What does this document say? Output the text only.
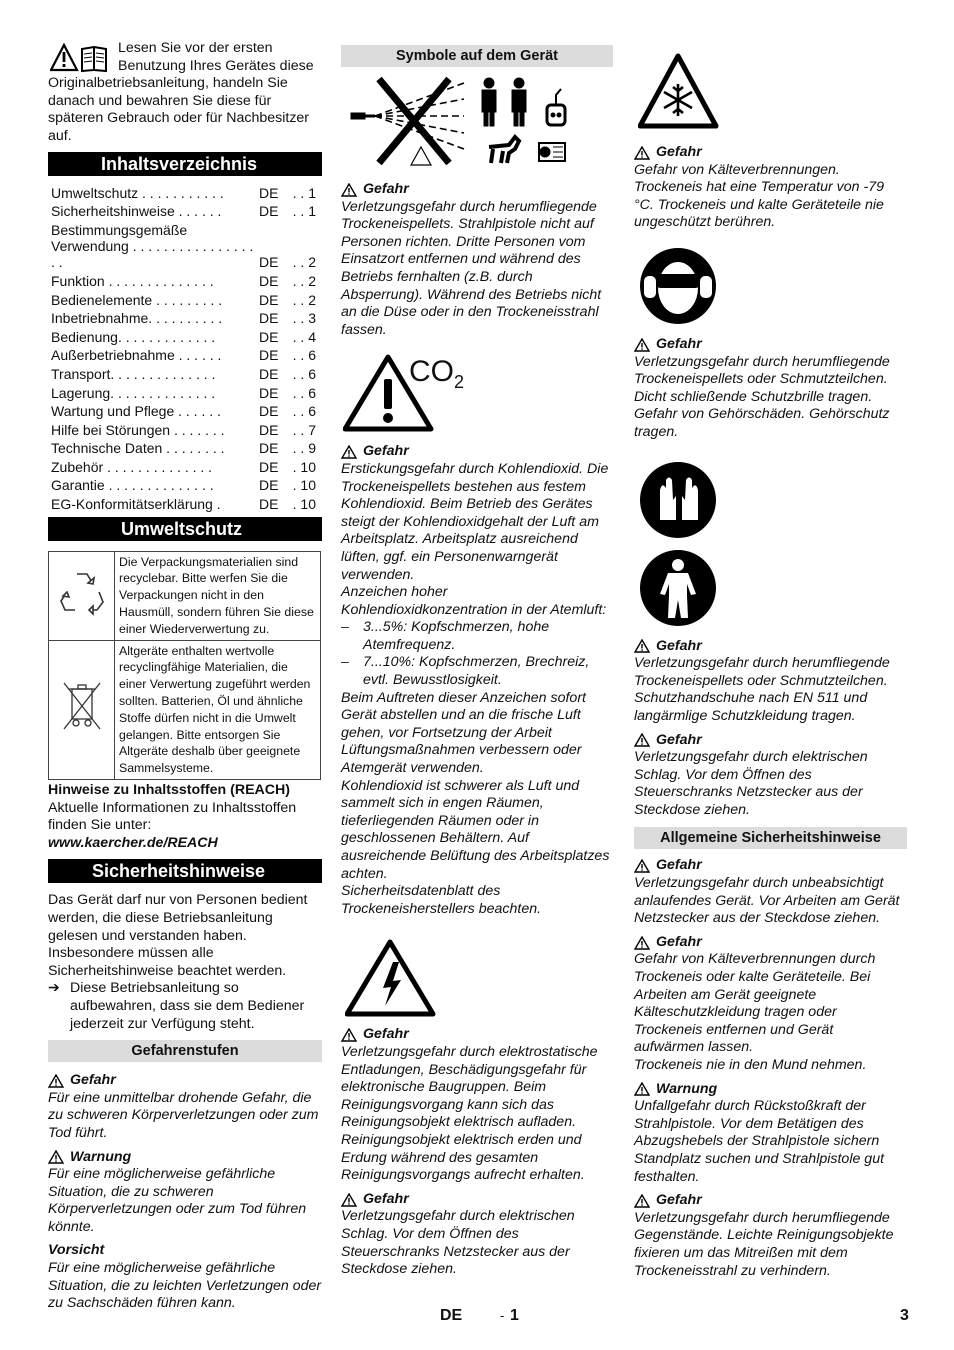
Lesen Sie vor der ersten Benutzung Ihres Gerätes diese Originalbetriebsanleitung, handeln Sie danach und bewahren Sie diese für späteren Gebrauch oder für Nachbesitzer auf.
Inhaltsverzeichnis
Umweltschutz . . . . . . . . . . .	DE	. . 1
Sicherheitshinweise . . . . . .	DE	. . 1
Bestimmungsgemäße Verwendung . . . . . . . . . . . . . . . . . .	DE	. . 2
Funktion . . . . . . . . . . . . . .	DE	. . 2
Bedienelemente . . . . . . . . .	DE	. . 2
Inbetriebnahme. . . . . . . . . .	DE	. . 3
Bedienung. . . . . . . . . . . . .	DE	. . 4
Außerbetriebnahme . . . . . .	DE	. . 6
Transport. . . . . . . . . . . . . .	DE	. . 6
Lagerung. . . . . . . . . . . . . .	DE	. . 6
Wartung und Pflege . . . . . .	DE	. . 6
Hilfe bei Störungen . . . . . . .	DE	. . 7
Technische Daten . . . . . . . .	DE	. . 9
Zubehör . . . . . . . . . . . . . .	DE	. 10
Garantie . . . . . . . . . . . . . .	DE	. 10
EG-Konformitätserklärung .	DE	. 10
Umweltschutz
	Die Verpackungsmaterialien sind recyclebar. Bitte werfen Sie die Verpackungen nicht in den Hausmüll, sondern führen Sie diese einer Wiederverwertung zu.
	Altgeräte enthalten wertvolle recyclingfähige Materialien, die einer Verwertung zugeführt werden sollten. Batterien, Öl und ähnliche Stoffe dürfen nicht in die Umwelt gelangen. Bitte entsorgen Sie Altgeräte deshalb über geeignete Sammelsysteme.
Hinweise zu Inhaltsstoffen (REACH)
Aktuelle Informationen zu Inhaltsstoffen finden Sie unter:
www.kaercher.de/REACH
Sicherheitshinweise
Das Gerät darf nur von Personen bedient werden, die diese Betriebsanleitung gelesen und verstanden haben. Insbesondere müssen alle Sicherheitshinweise beachtet werden.
➔ Diese Betriebsanleitung so aufbewahren, dass sie dem Bediener jederzeit zur Verfügung steht.
Gefahrenstufen
Gefahr
Für eine unmittelbar drohende Gefahr, die zu schweren Körperverletzungen oder zum Tod führt.
Warnung
Für eine möglicherweise gefährliche Situation, die zu schweren Körperverletzungen oder zum Tod führen könnte.
Vorsicht
Für eine möglicherweise gefährliche Situation, die zu leichten Verletzungen oder zu Sachschäden führen kann.
Symbole auf dem Gerät
Gefahr
Verletzungsgefahr durch herumfliegende Trockeneispellets. Strahlpistole nicht auf Personen richten. Dritte Personen vom Einsatzort entfernen und während des Betriebs fernhalten (z.B. durch Absperrung). Während des Betriebs nicht an die Düse oder in den Trockeneisstrahl fassen.
$CO_2$
Gefahr
Erstickungsgefahr durch Kohlendioxid. Die Trockeneispellets bestehen aus festem Kohlendioxid. Beim Betrieb des Gerätes steigt der Kohlendioxidgehalt der Luft am Arbeitsplatz. Arbeitsplatz ausreichend lüften, ggf. ein Personenwarngerät verwenden.
Anzeichen hoher Kohlendioxidkonzentration in der Atemluft:
– 3...5%: Kopfschmerzen, hohe Atemfrequenz.
– 7...10%: Kopfschmerzen, Brechreiz, evtl. Bewusstlosigkeit.
Beim Auftreten dieser Anzeichen sofort Gerät abstellen und an die frische Luft gehen, vor Fortsetzung der Arbeit Lüftungsmaßnahmen verbessern oder Atemgerät verwenden.
Kohlendioxid ist schwerer als Luft und sammelt sich in engen Räumen, tieferliegenden Räumen oder in geschlossenen Behältern. Auf ausreichende Belüftung des Arbeitsplatzes achten.
Sicherheitsdatenblatt des Trockeneisherstellers beachten.
Gefahr
Verletzungsgefahr durch elektrostatische Entladungen, Beschädigungsgefahr für elektronische Baugruppen. Beim Reinigungsvorgang kann sich das Reinigungsobjekt elektrisch aufladen.
Reinigungsobjekt elektrisch erden und Erdung während des gesamten Reinigungsvorgangs aufrecht erhalten.
Gefahr
Verletzungsgefahr durch elektrischen Schlag. Vor dem Öffnen des Steuerschranks Netzstecker aus der Steckdose ziehen.
Gefahr
Gefahr von Kälteverbrennungen. Trockeneis hat eine Temperatur von -79 °C. Trockeneis und kalte Geräteteile nie ungeschützt berühren.
Gefahr
Verletzungsgefahr durch herumfliegende Trockeneispellets oder Schmutzteilchen. Dicht schließende Schutzbrille tragen. Gefahr von Gehörschäden. Gehörschutz tragen.
Gefahr
Verletzungsgefahr durch herumfliegende Trockeneispellets oder Schmutzteilchen. Schutzhandschuhe nach EN 511 und langärmlige Schutzkleidung tragen.
Gefahr
Verletzungsgefahr durch elektrischen Schlag. Vor dem Öffnen des Steuerschranks Netzstecker aus der Steckdose ziehen.
Allgemeine Sicherheitshinweise
Gefahr
Verletzungsgefahr durch unbeabsichtigt anlaufendes Gerät. Vor Arbeiten am Gerät Netzstecker aus der Steckdose ziehen.
Gefahr
Gefahr von Kälteverbrennungen durch Trockeneis oder kalte Geräteteile. Bei Arbeiten am Gerät geeignete Kälteschutzkleidung tragen oder Trockeneis entfernen und Gerät aufwärmen lassen.
Trockeneis nie in den Mund nehmen.
Warnung
Unfallgefahr durch Rückstoßkraft der Strahlpistole. Vor dem Betätigen des Abzugshebels der Strahlpistole sichern Standplatz suchen und Strahlpistole gut festhalten.
Gefahr
Verletzungsgefahr durch herumfliegende Gegenstände. Leichte Reinigungsobjekte fixieren um das Mitreißen mit dem Trockeneisstrahl zu verhindern.
DE	- 1	3
